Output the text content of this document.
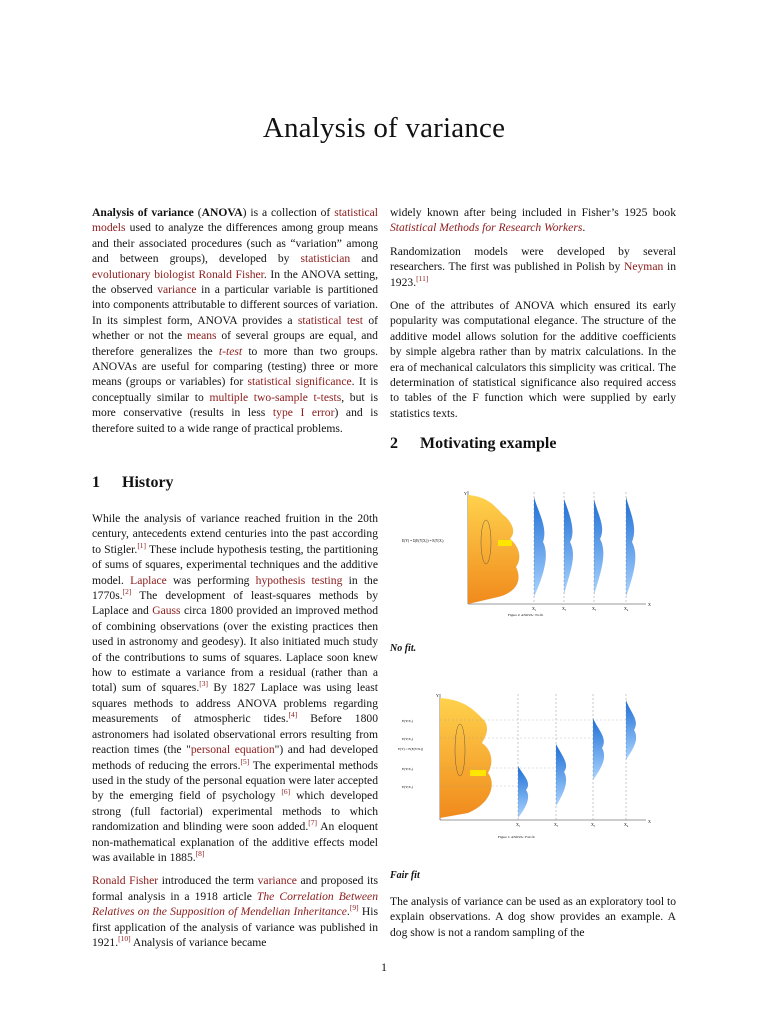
Analysis of variance

Analysis of variance (ANOVA) is a collection of statistical models used to analyze the differences among group means and their associated procedures (such as “variation” among and between groups), developed by statistician and evolutionary biologist Ronald Fisher. In the ANOVA setting, the observed variance in a particular variable is partitioned into components attributable to different sources of variation. In its simplest form, ANOVA provides a statistical test of whether or not the means of several groups are equal, and therefore generalizes the t-test to more than two groups. ANOVAs are useful for comparing (testing) three or more means (groups or variables) for statistical significance. It is conceptually similar to multiple two-sample t-tests, but is more conservative (results in less type I error) and is therefore suited to a wide range of practical problems.

1	History

While the analysis of variance reached fruition in the 20th century, antecedents extend centuries into the past according to Stigler.[1] These include hypothesis testing, the partitioning of sums of squares, experimental techniques and the additive model. Laplace was performing hypothesis testing in the 1770s.[2] The development of least-squares methods by Laplace and Gauss circa 1800 provided an improved method of combining observations (over the existing practices then used in astronomy and geodesy). It also initiated much study of the contributions to sums of squares. Laplace soon knew how to estimate a variance from a residual (rather than a total) sum of squares.[3] By 1827 Laplace was using least squares methods to address ANOVA problems regarding measurements of atmospheric tides.[4] Before 1800 astronomers had isolated observational errors resulting from reaction times (the "personal equation") and had developed methods of reducing the errors.[5] The experimental methods used in the study of the personal equation were later accepted by the emerging field of psychology [6] which developed strong (full factorial) experimental methods to which randomization and blinding were soon added.[7] An eloquent non-mathematical explanation of the additive effects model was available in 1885.[8]

Ronald Fisher introduced the term variance and proposed its formal analysis in a 1918 article The Correlation Between Relatives on the Supposition of Mendelian Inheritance.[9] His first application of the analysis of variance was published in 1921.[10] Analysis of variance became

widely known after being included in Fisher’s 1925 book Statistical Methods for Research Workers.

Randomization models were developed by several researchers. The first was published in Polish by Neyman in 1923.[11]

One of the attributes of ANOVA which ensured its early popularity was computational elegance. The structure of the additive model allows solution for the additive coefficients by simple algebra rather than by matrix calculations. In the era of mechanical calculators this simplicity was critical. The determination of statistical significance also required access to tables of the F function which were supplied by early statistics texts.

2	Motivating example
Y
X
E(Y) = Σ(E(Y|Xᵢ)) = E(Y|Xᵢ)
X₁	X₂	X₃	X₄
Figure 2: ANOVA : No fit
No fit.
Y
X
E(Y|X₄)
E(Y|X₃)
E(Y) = E(E(Y|Xᵢ))
E(Y|X₂)
E(Y|X₁)
X₁	X₂	X₃	X₄
Figure 1: ANOVA : Fair fit
Fair fit
The analysis of variance can be used as an exploratory tool to explain observations. A dog show provides an example. A dog show is not a random sampling of the
1
